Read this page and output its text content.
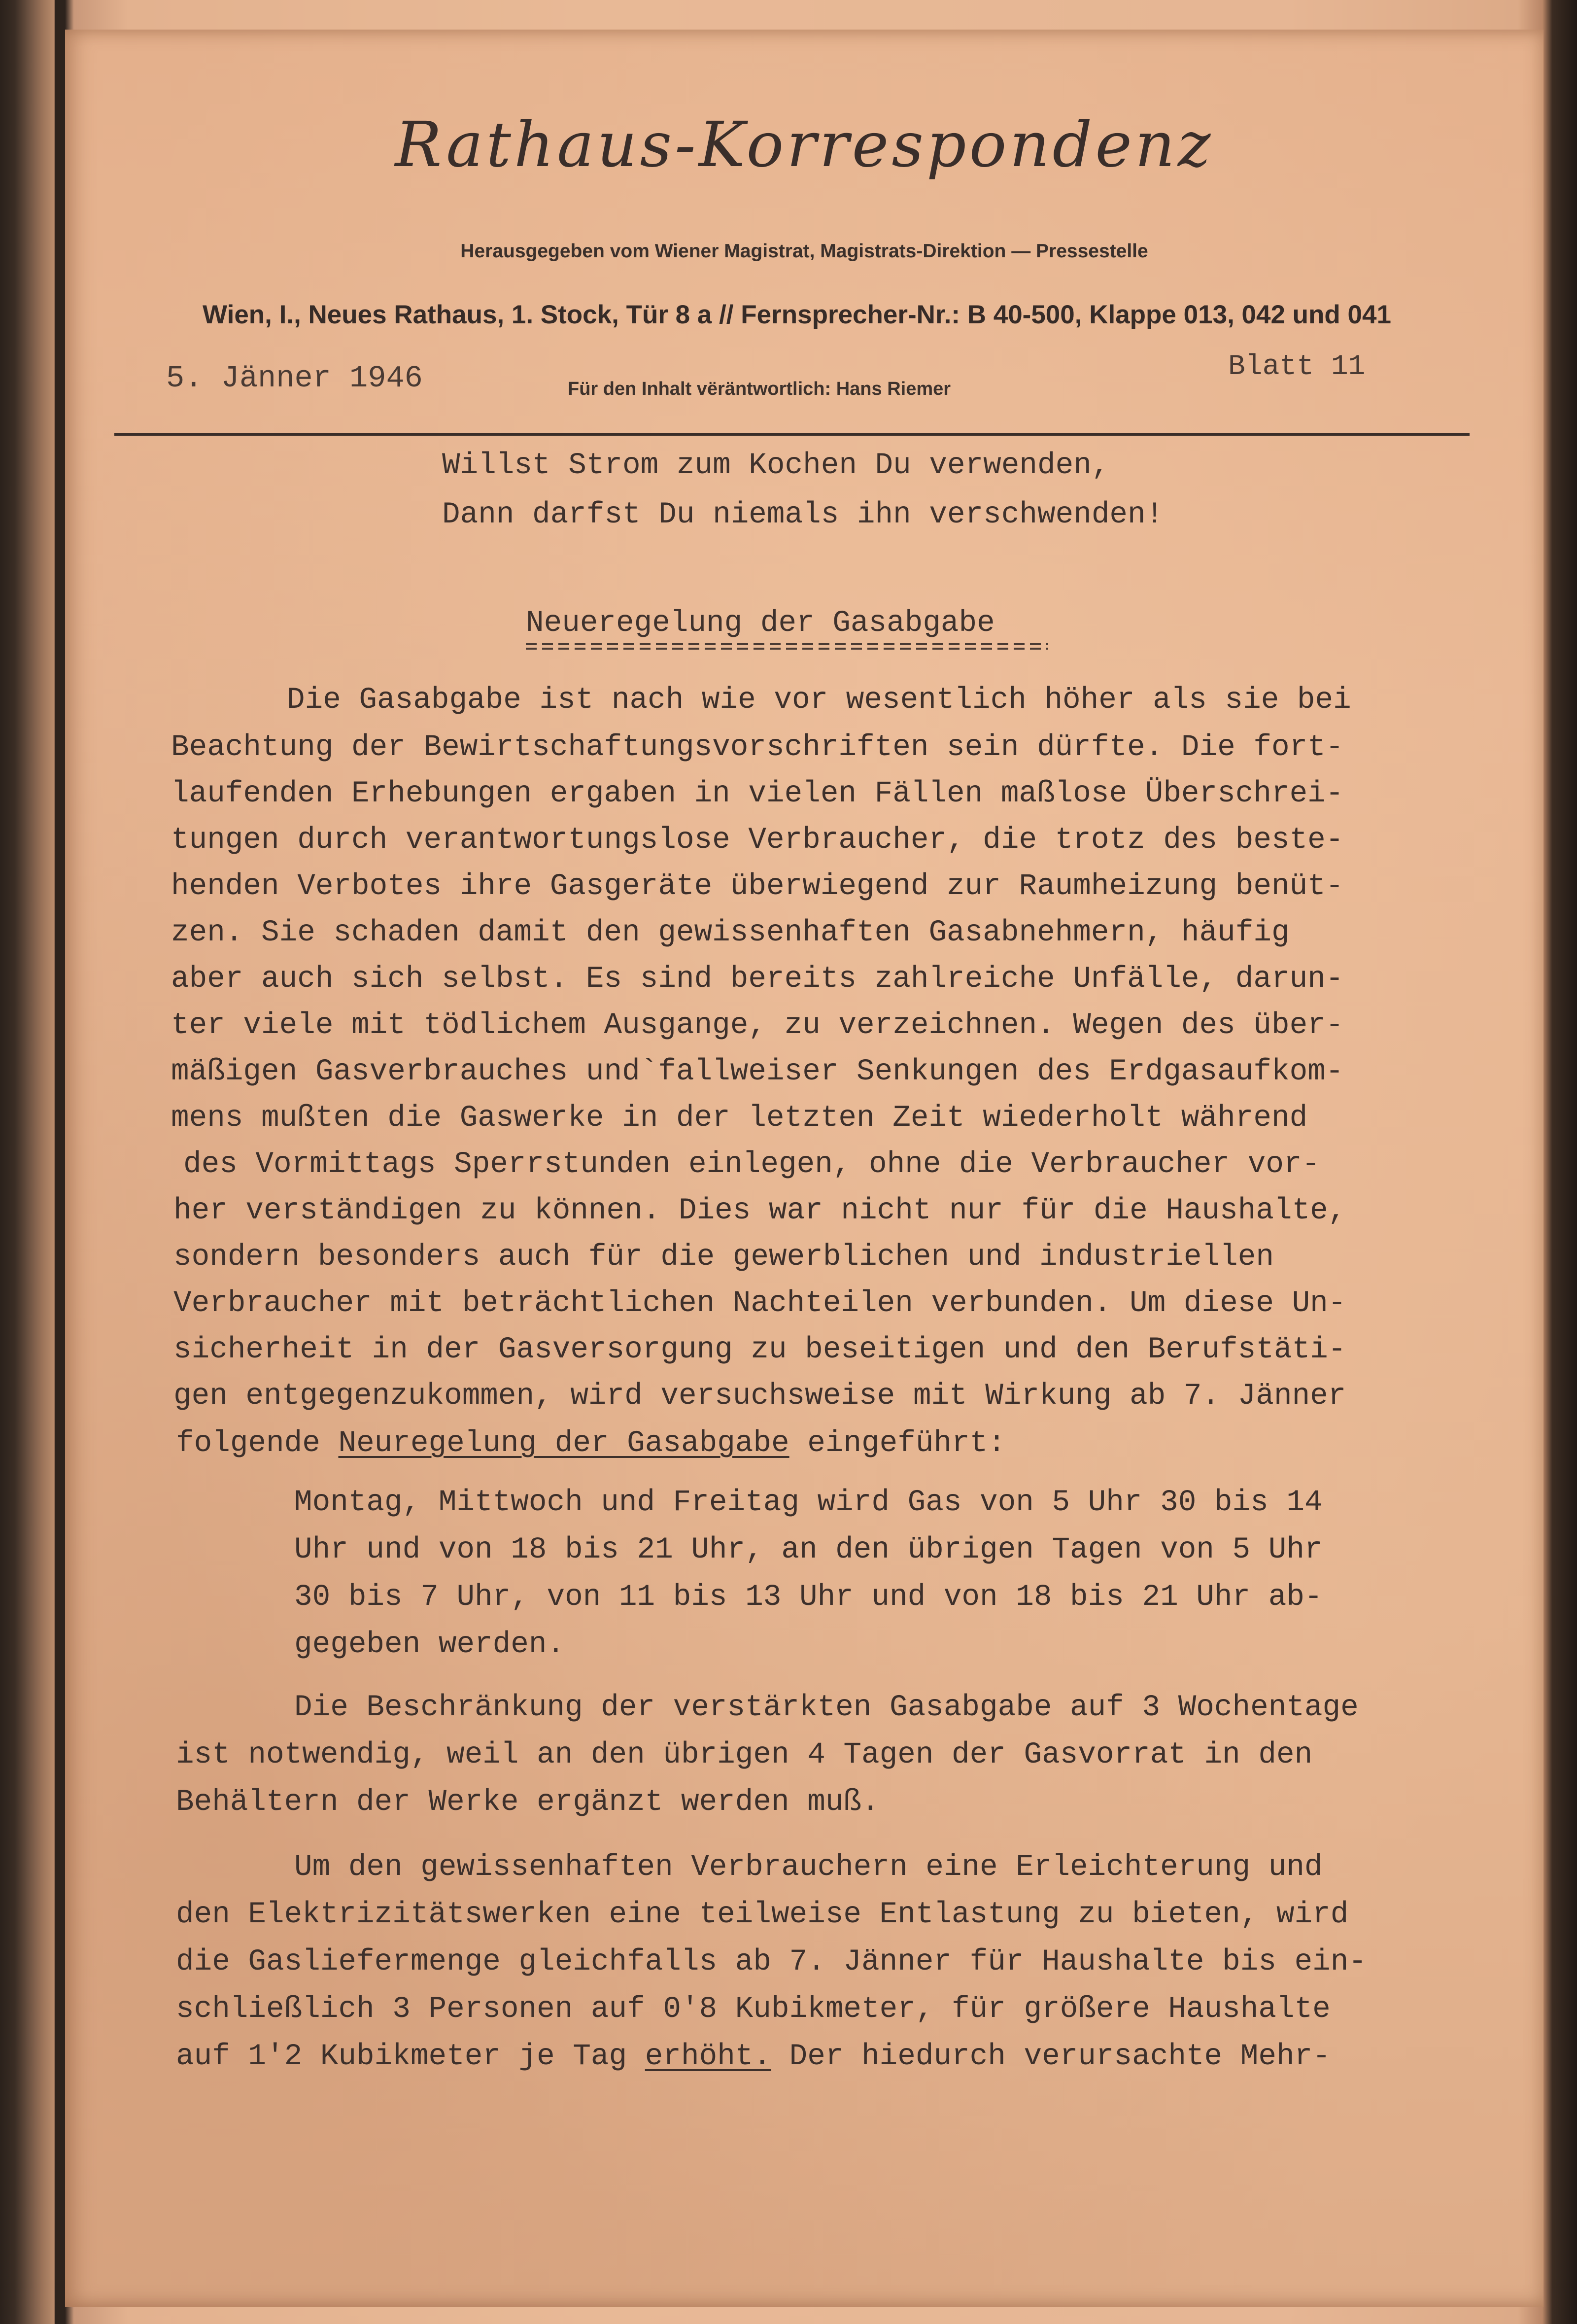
Rathaus-Korrespondenz
Herausgegeben vom Wiener Magistrat, Magistrats-Direktion — Pressestelle
Wien, I., Neues Rathaus, 1. Stock, Tür 8 a // Fernsprecher-Nr.: B 40-500, Klappe 013, 042 und 041
5. Jänner 1946	Für den Inhalt vëräntwortlich: Hans Riemer
Blatt 11
Willst Strom zum Kochen Du verwenden,
Dann darfst Du niemals ihn verschwenden!
Neueregelung der Gasabgabe
Die Gasabgabe ist nach wie vor wesentlich höher als sie bei
Beachtung der Bewirtschaftungsvorschriften sein dürfte. Die fort-
laufenden Erhebungen ergaben in vielen Fällen maßlose Überschrei-
tungen durch verantwortungslose Verbraucher, die trotz des beste-
henden Verbotes ihre Gasgeräte überwiegend zur Raumheizung benüt-
zen. Sie schaden damit den gewissenhaften Gasabnehmern, häufig
aber auch sich selbst. Es sind bereits zahlreiche Unfälle, darun-
ter viele mit tödlichem Ausgange, zu verzeichnen. Wegen des über-
mäßigen Gasverbrauches und`fallweiser Senkungen des Erdgasaufkom-
mens mußten die Gaswerke in der letzten Zeit wiederholt während
des Vormittags Sperrstunden einlegen, ohne die Verbraucher vor-
her verständigen zu können. Dies war nicht nur für die Haushalte,
sondern besonders auch für die gewerblichen und industriellen
Verbraucher mit beträchtlichen Nachteilen verbunden. Um diese Un-
sicherheit in der Gasversorgung zu beseitigen und den Berufstäti-
gen entgegenzukommen, wird versuchsweise mit Wirkung ab 7. Jänner
folgende Neuregelung der Gasabgabe eingeführt:
Montag, Mittwoch und Freitag wird Gas von 5 Uhr 30 bis 14
Uhr und von 18 bis 21 Uhr, an den übrigen Tagen von 5 Uhr
30 bis 7 Uhr, von 11 bis 13 Uhr und von 18 bis 21 Uhr ab-
gegeben werden.
Die Beschränkung der verstärkten Gasabgabe auf 3 Wochentage
ist notwendig, weil an den übrigen 4 Tagen der Gasvorrat in den
Behältern der Werke ergänzt werden muß.
Um den gewissenhaften Verbrauchern eine Erleichterung und
den Elektrizitätswerken eine teilweise Entlastung zu bieten, wird
die Gasliefermenge gleichfalls ab 7. Jänner für Haushalte bis ein-
schließlich 3 Personen auf 0'8 Kubikmeter, für größere Haushalte
auf 1'2 Kubikmeter je Tag erhöht. Der hiedurch verursachte Mehr-
